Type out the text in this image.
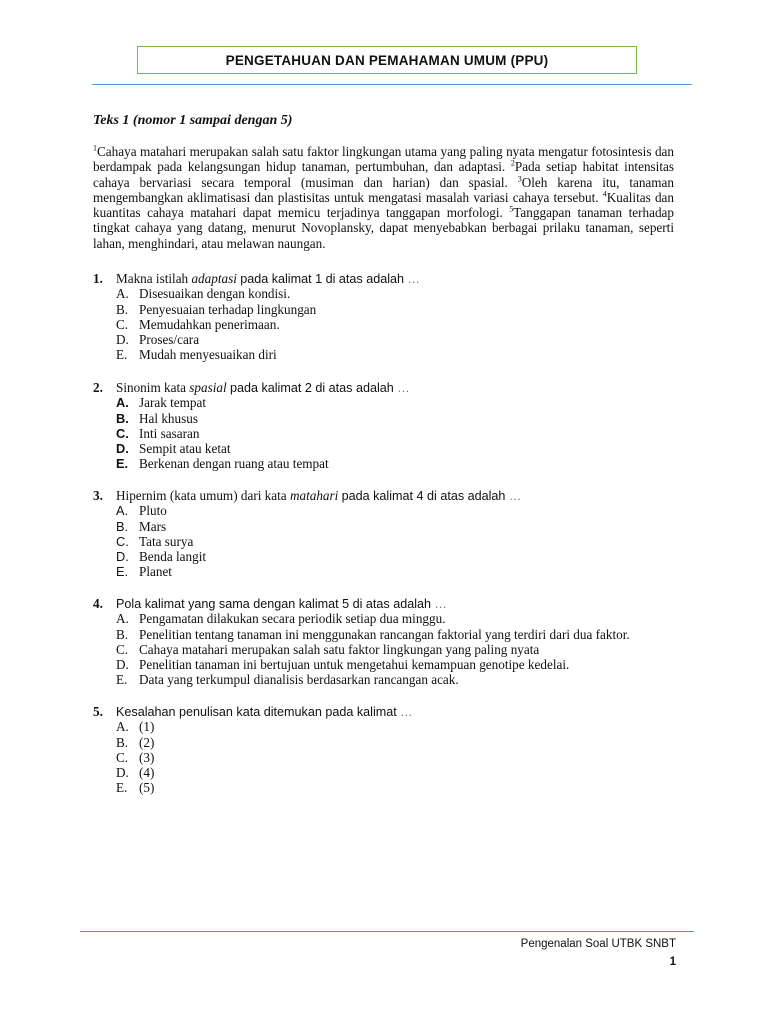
PENGETAHUAN DAN PEMAHAMAN UMUM (PPU)
Teks 1 (nomor 1 sampai dengan 5)
$^1$Cahaya matahari merupakan salah satu faktor lingkungan utama yang paling nyata mengatur fotosintesis dan berdampak pada kelangsungan hidup tanaman, pertumbuhan, dan adaptasi. $^2$Pada setiap habitat intensitas cahaya bervariasi secara temporal (musiman dan harian) dan spasial. $^3$Oleh karena itu, tanaman mengembangkan aklimatisasi dan plastisitas untuk mengatasi masalah variasi cahaya tersebut. $^4$Kualitas dan kuantitas cahaya matahari dapat memicu terjadinya tanggapan morfologi. $^5$Tanggapan tanaman terhadap tingkat cahaya yang datang, menurut Novoplansky, dapat menyebabkan berbagai prilaku tanaman, seperti lahan, menghindari, atau melawan naungan.
1. Makna istilah adaptasi pada kalimat 1 di atas adalah …
A. Disesuaikan dengan kondisi.
B. Penyesuaian terhadap lingkungan
C. Memudahkan penerimaan.
D. Proses/cara
E. Mudah menyesuaikan diri
2. Sinonim kata spasial pada kalimat 2 di atas adalah …
A. Jarak tempat
B. Hal khusus
C. Inti sasaran
D. Sempit atau ketat
E. Berkenan dengan ruang atau tempat
3. Hipernim (kata umum) dari kata matahari pada kalimat 4 di atas adalah …
A. Pluto
B. Mars
C. Tata surya
D. Benda langit
E. Planet
4. Pola kalimat yang sama dengan kalimat 5 di atas adalah …
A. Pengamatan dilakukan secara periodik setiap dua minggu.
B. Penelitian tentang tanaman ini menggunakan rancangan faktorial yang terdiri dari dua faktor.
C. Cahaya matahari merupakan salah satu faktor lingkungan yang paling nyata
D. Penelitian tanaman ini bertujuan untuk mengetahui kemampuan genotipe kedelai.
E. Data yang terkumpul dianalisis berdasarkan rancangan acak.
5. Kesalahan penulisan kata ditemukan pada kalimat …
A. (1)
B. (2)
C. (3)
D. (4)
E. (5)
Pengenalan Soal UTBK SNBT
1
